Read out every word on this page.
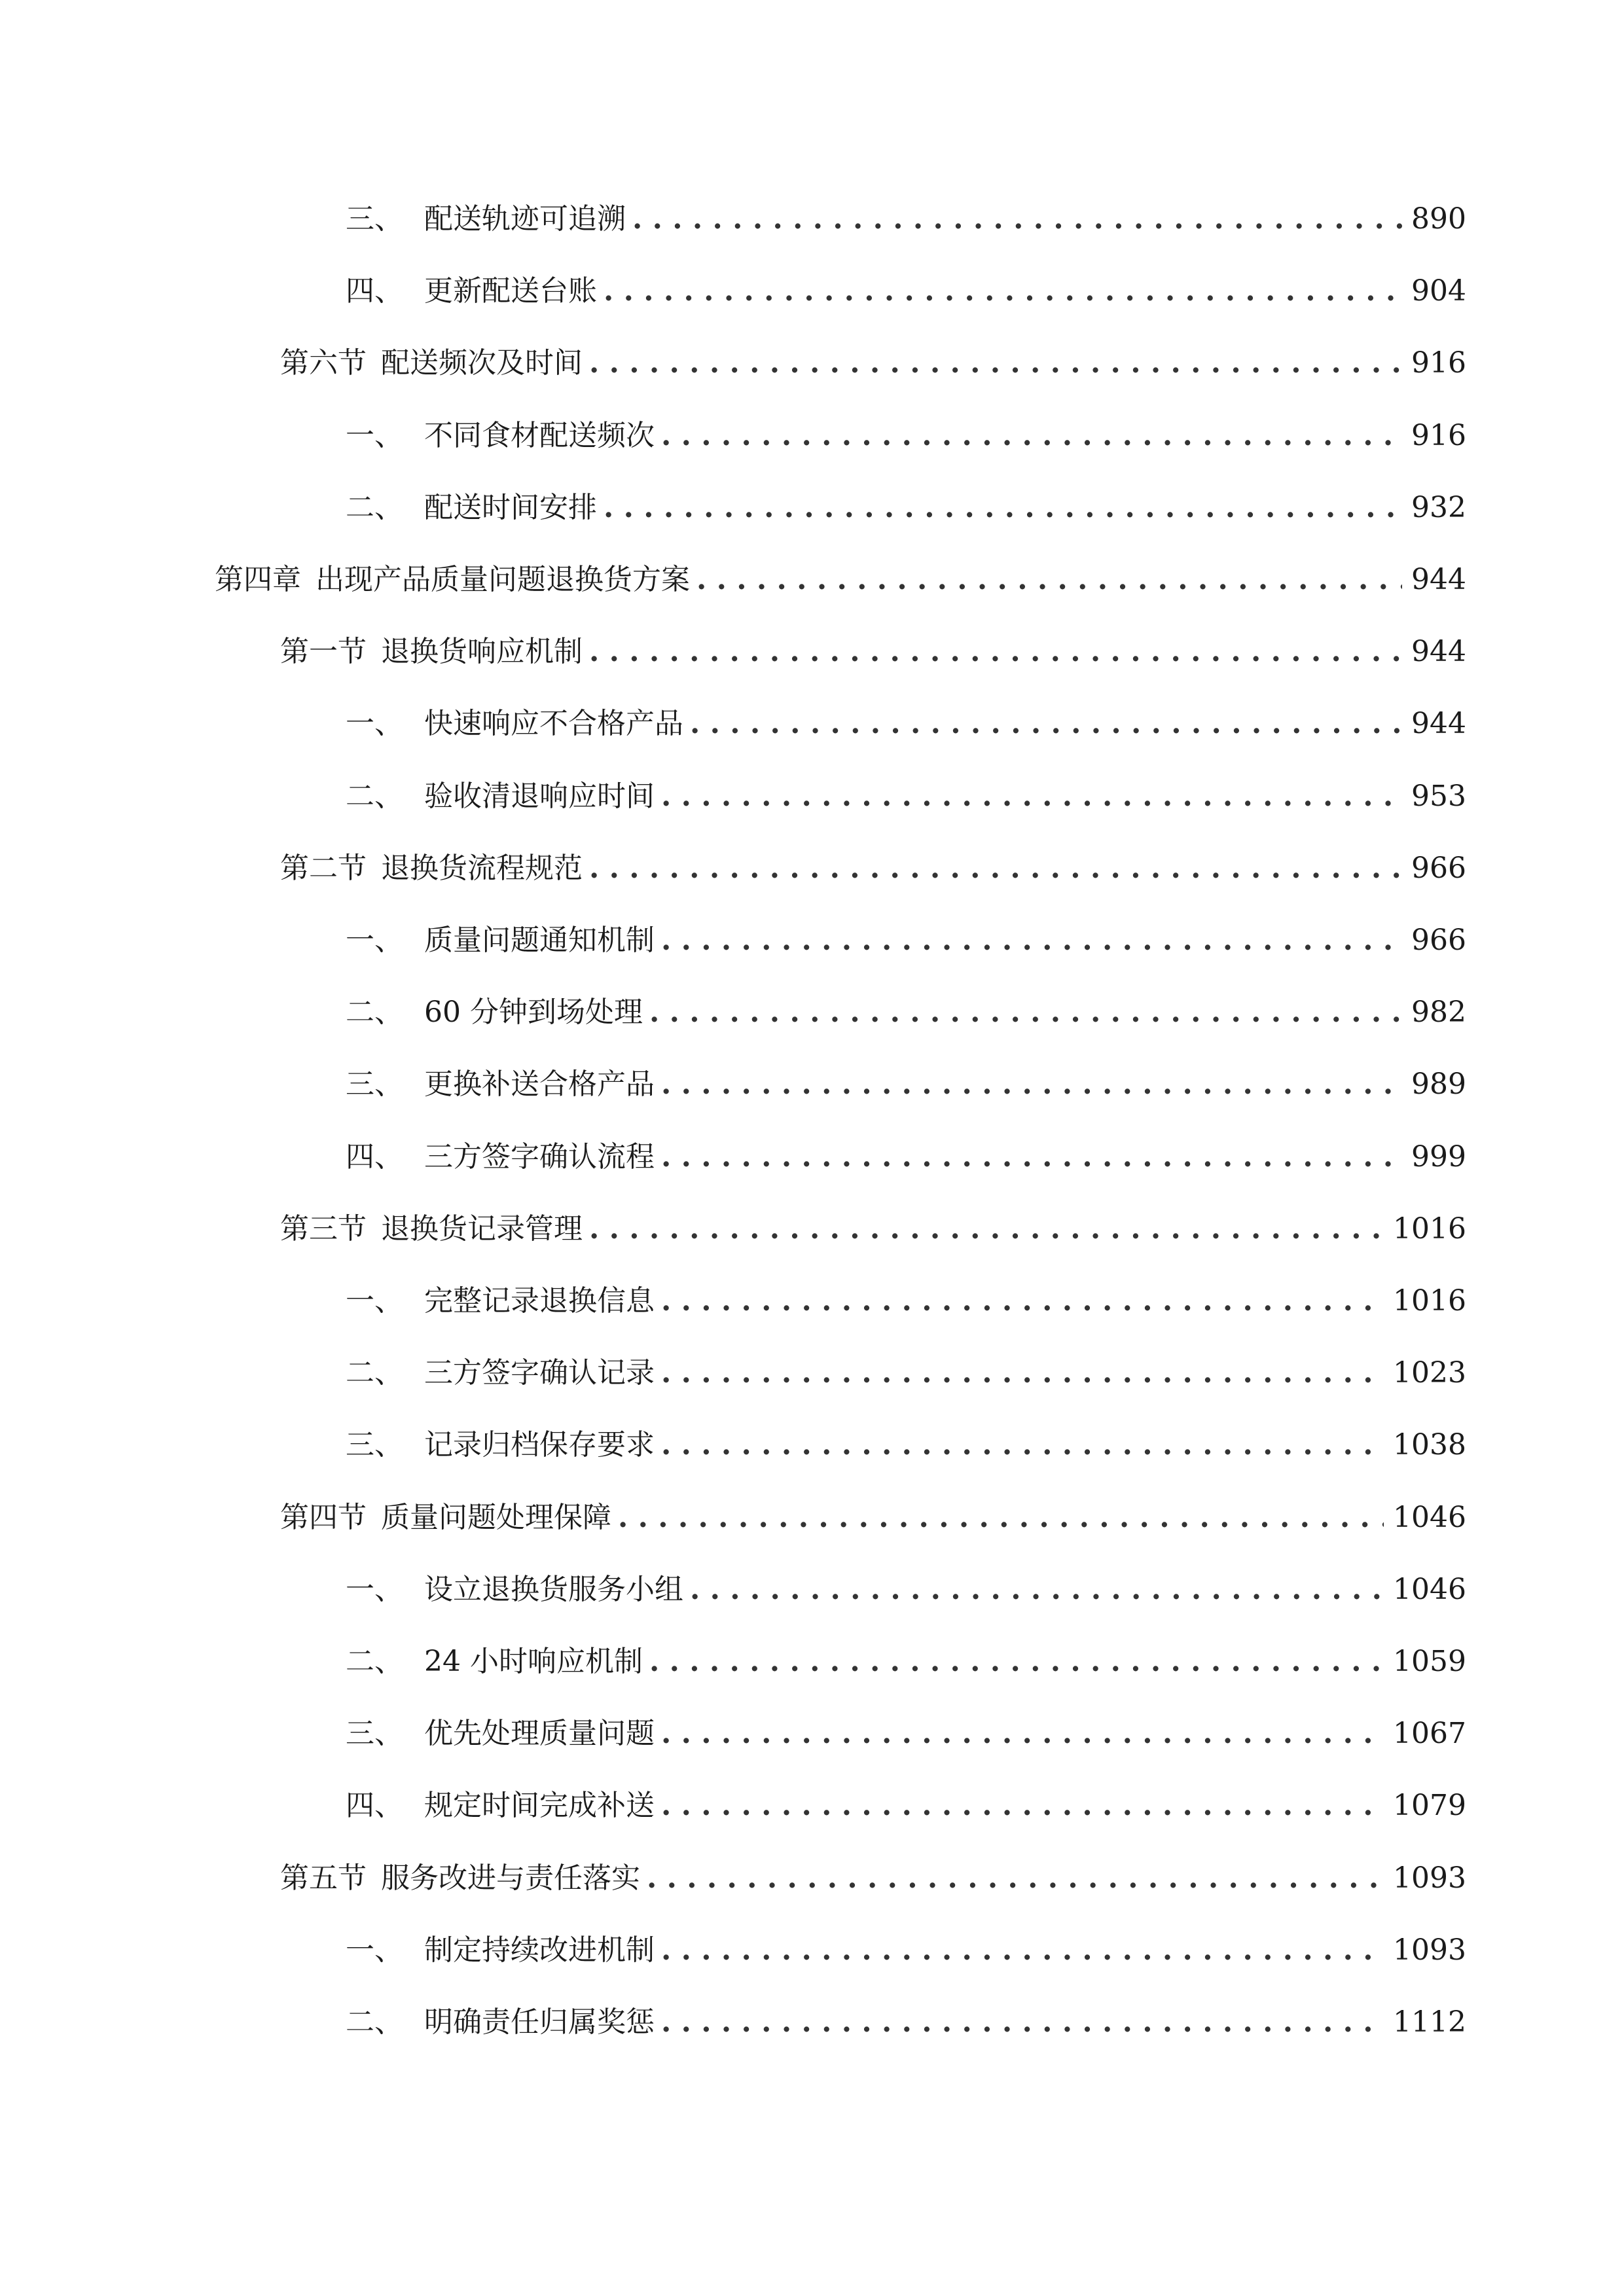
三、 配送轨迹可追溯 . . .	890
四、 更新配送台账 . . .	904
第六节 配送频次及时间 . . .	916
一、 不同食材配送频次 . . .	916
二、 配送时间安排 . . .	932
第四章 出现产品质量问题退换货方案 . . .	944
第一节 退换货响应机制 . . .	944
一、 快速响应不合格产品 . . .	944
二、 验收清退响应时间 . . .	953
第二节 退换货流程规范 . . .	966
一、 质量问题通知机制 . . .	966
二、 60 分钟到场处理 . . .	982
三、 更换补送合格产品 . . .	989
四、 三方签字确认流程 . . .	999
第三节 退换货记录管理 . . .	1016
一、 完整记录退换信息 . . .	1016
二、 三方签字确认记录 . . .	1023
三、 记录归档保存要求 . . .	1038
第四节 质量问题处理保障 . . .	1046
一、 设立退换货服务小组 . . .	1046
二、 24 小时响应机制 . . .	1059
三、 优先处理质量问题 . . .	1067
四、 规定时间完成补送 . . .	1079
第五节 服务改进与责任落实 . . .	1093
一、 制定持续改进机制 . . .	1093
二、 明确责任归属奖惩 . . .	1112
